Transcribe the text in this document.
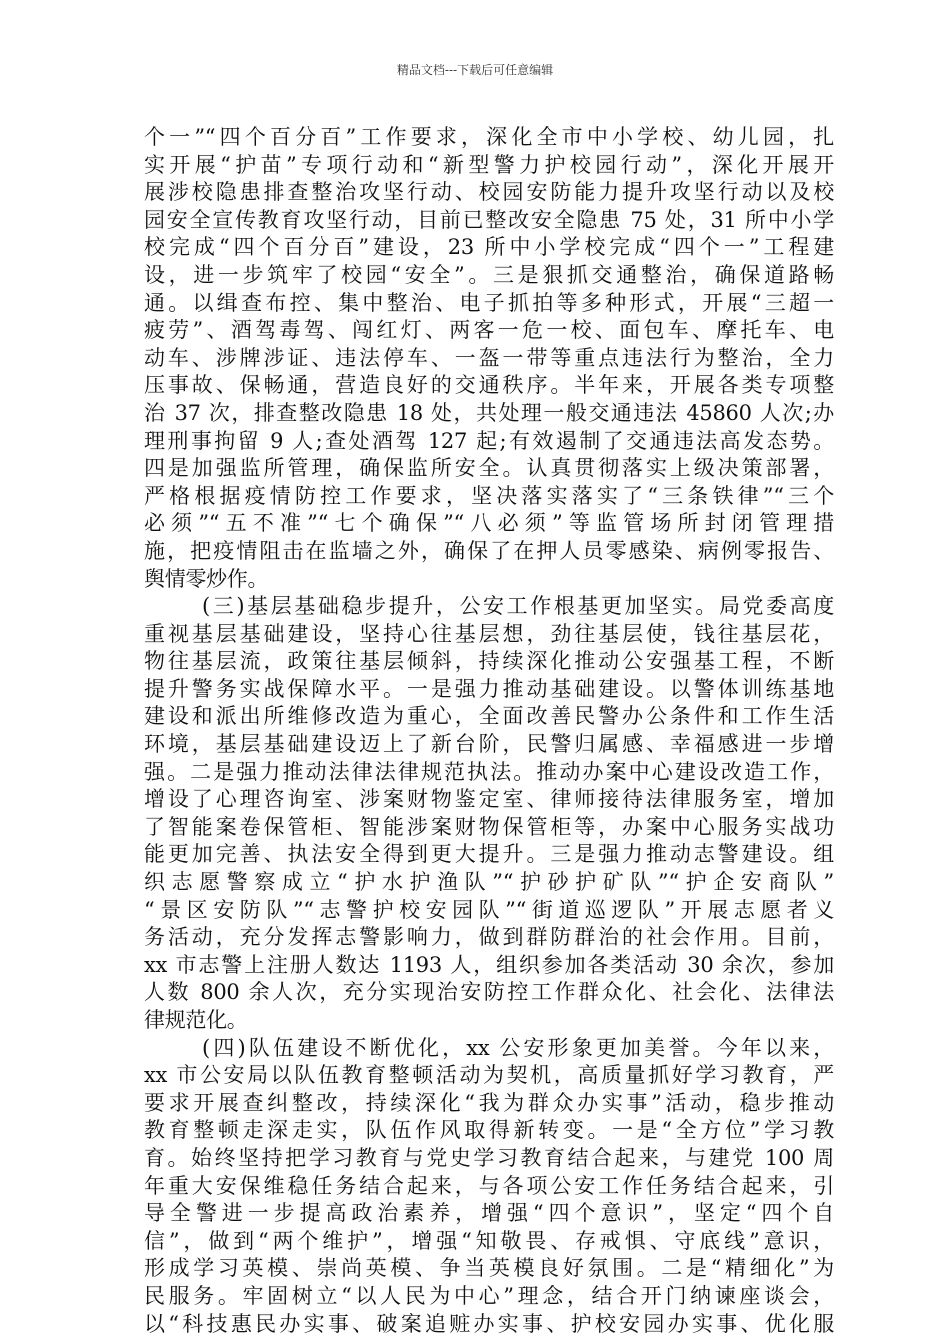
精品文档---下载后可任意编辑
个一”“四个百分百”工作要求，深化全市中小学校、幼儿园，扎
实开展“护苗”专项行动和“新型警力护校园行动”，深化开展开
展涉校隐患排查整治攻坚行动、校园安防能力提升攻坚行动以及校
园安全宣传教育攻坚行动，目前已整改安全隐患 75 处，31 所中小学
校完成“四个百分百”建设，23 所中小学校完成“四个一”工程建
设，进一步筑牢了校园“安全”。三是狠抓交通整治，确保道路畅
通。以缉查布控、集中整治、电子抓拍等多种形式，开展“三超一
疲劳”、酒驾毒驾、闯红灯、两客一危一校、面包车、摩托车、电
动车、涉牌涉证、违法停车、一盔一带等重点违法行为整治，全力
压事故、保畅通，营造良好的交通秩序。半年来，开展各类专项整
治 37 次，排查整改隐患 18 处，共处理一般交通违法 45860 人次;办
理刑事拘留 9 人;查处酒驾 127 起;有效遏制了交通违法高发态势。
四是加强监所管理，确保监所安全。认真贯彻落实上级决策部署，
严格根据疫情防控工作要求，坚决落实落实了“三条铁律”“三个
必须”“五不准”“七个确保”“八必须”等监管场所封闭管理措
施，把疫情阻击在监墙之外，确保了在押人员零感染、病例零报告、
舆情零炒作。
(三)基层基础稳步提升，公安工作根基更加坚实。局党委高度
重视基层基础建设，坚持心往基层想，劲往基层使，钱往基层花，
物往基层流，政策往基层倾斜，持续深化推动公安强基工程，不断
提升警务实战保障水平。一是强力推动基础建设。以警体训练基地
建设和派出所维修改造为重心，全面改善民警办公条件和工作生活
环境，基层基础建设迈上了新台阶，民警归属感、幸福感进一步增
强。二是强力推动法律法律规范执法。推动办案中心建设改造工作，
增设了心理咨询室、涉案财物鉴定室、律师接待法律服务室，增加
了智能案卷保管柜、智能涉案财物保管柜等，办案中心服务实战功
能更加完善、执法安全得到更大提升。三是强力推动志警建设。组
织志愿警察成立“护水护渔队”“护砂护矿队”“护企安商队”
“景区安防队”“志警护校安园队”“街道巡逻队”开展志愿者义
务活动，充分发挥志警影响力，做到群防群治的社会作用。目前，
xx 市志警上注册人数达 1193 人，组织参加各类活动 30 余次，参加
人数 800 余人次，充分实现治安防控工作群众化、社会化、法律法
律规范化。
(四)队伍建设不断优化，xx 公安形象更加美誉。今年以来，
xx 市公安局以队伍教育整顿活动为契机，高质量抓好学习教育，严
要求开展查纠整改，持续深化“我为群众办实事”活动，稳步推动
教育整顿走深走实，队伍作风取得新转变。一是“全方位”学习教
育。始终坚持把学习教育与党史学习教育结合起来，与建党 100 周
年重大安保维稳任务结合起来，与各项公安工作任务结合起来，引
导全警进一步提高政治素养，增强“四个意识”，坚定“四个自
信”，做到“两个维护”，增强“知敬畏、存戒惧、守底线”意识，
形成学习英模、崇尚英模、争当英模良好氛围。二是“精细化”为
民服务。牢固树立“以人民为中心”理念，结合开门纳谏座谈会，
以“科技惠民办实事、破案追赃办实事、护校安园办实事、优化服
